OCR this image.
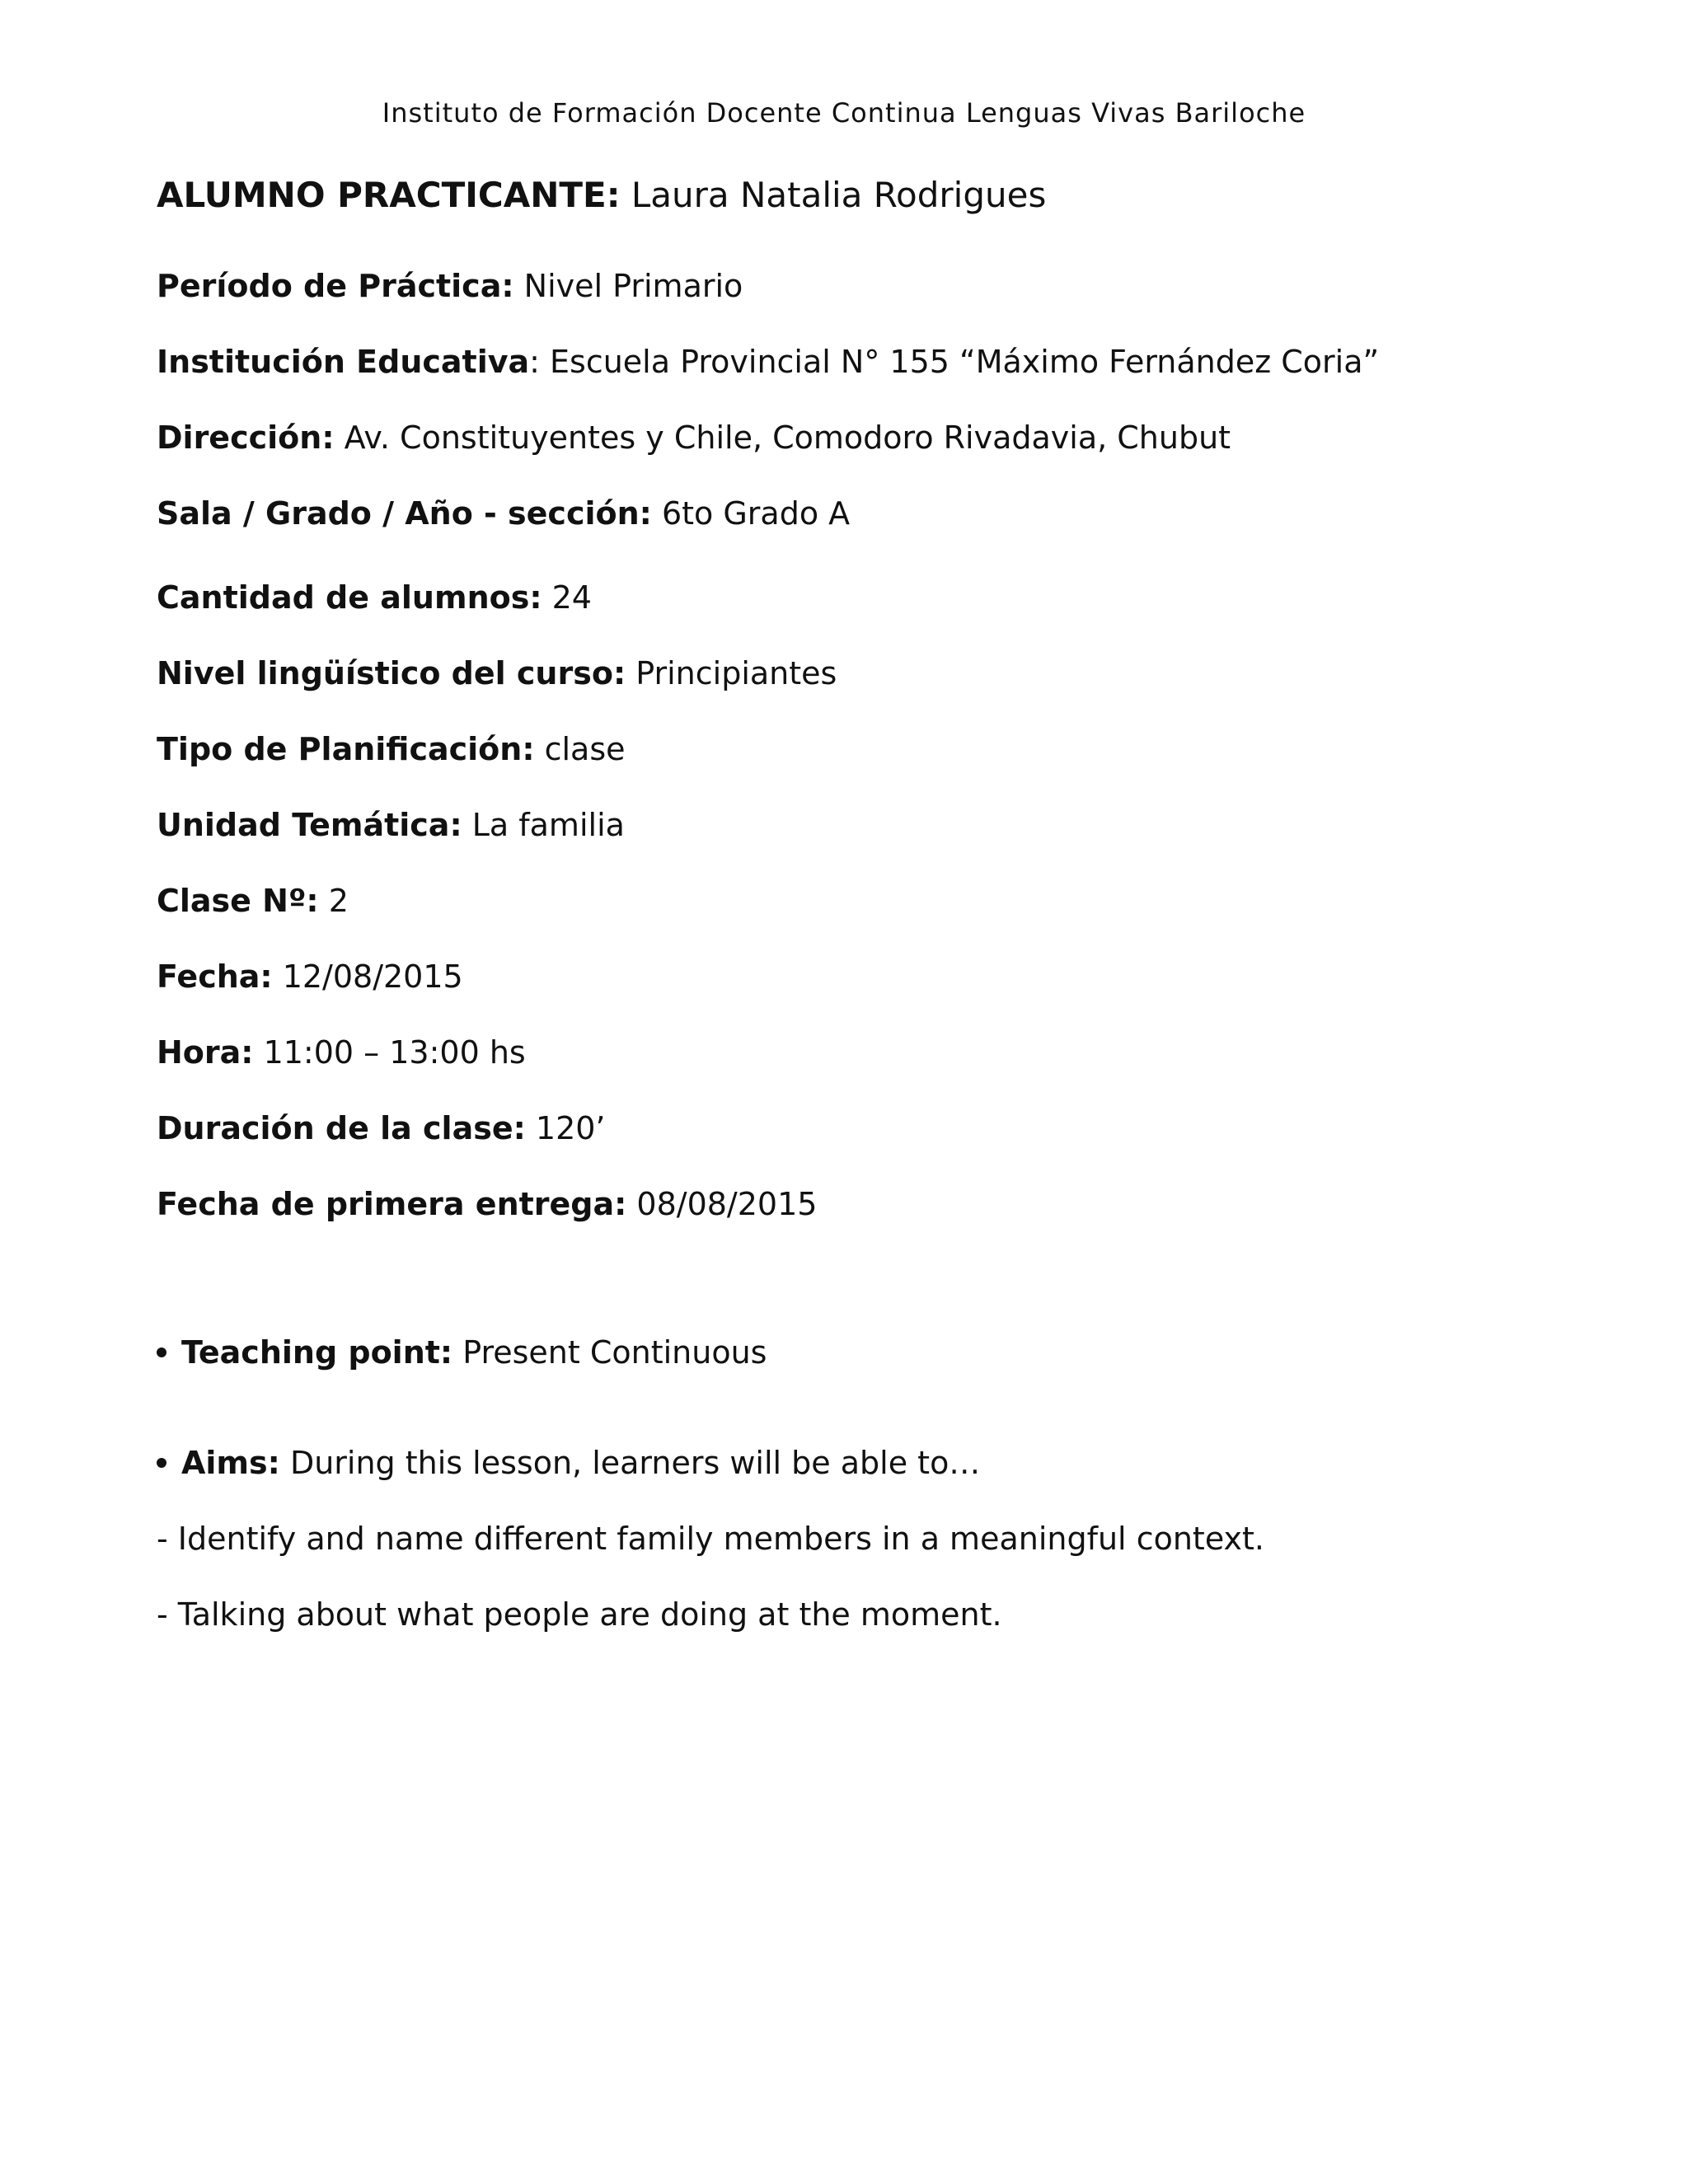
Instituto de Formación Docente Continua Lenguas Vivas Bariloche
ALUMNO PRACTICANTE: Laura Natalia Rodrigues
Período de Práctica: Nivel Primario
Institución Educativa: Escuela Provincial N° 155 “Máximo Fernández Coria”
Dirección: Av. Constituyentes y Chile, Comodoro Rivadavia, Chubut
Sala / Grado / Año - sección: 6to Grado A
Cantidad de alumnos: 24
Nivel lingüístico del curso: Principiantes
Tipo de Planificación: clase
Unidad Temática: La familia
Clase Nº: 2
Fecha: 12/08/2015
Hora: 11:00 – 13:00 hs
Duración de la clase: 120’
Fecha de primera entrega: 08/08/2015
Teaching point: Present Continuous
Aims: During this lesson, learners will be able to…
- Identify and name different family members in a meaningful context.
- Talking about what people are doing at the moment.
